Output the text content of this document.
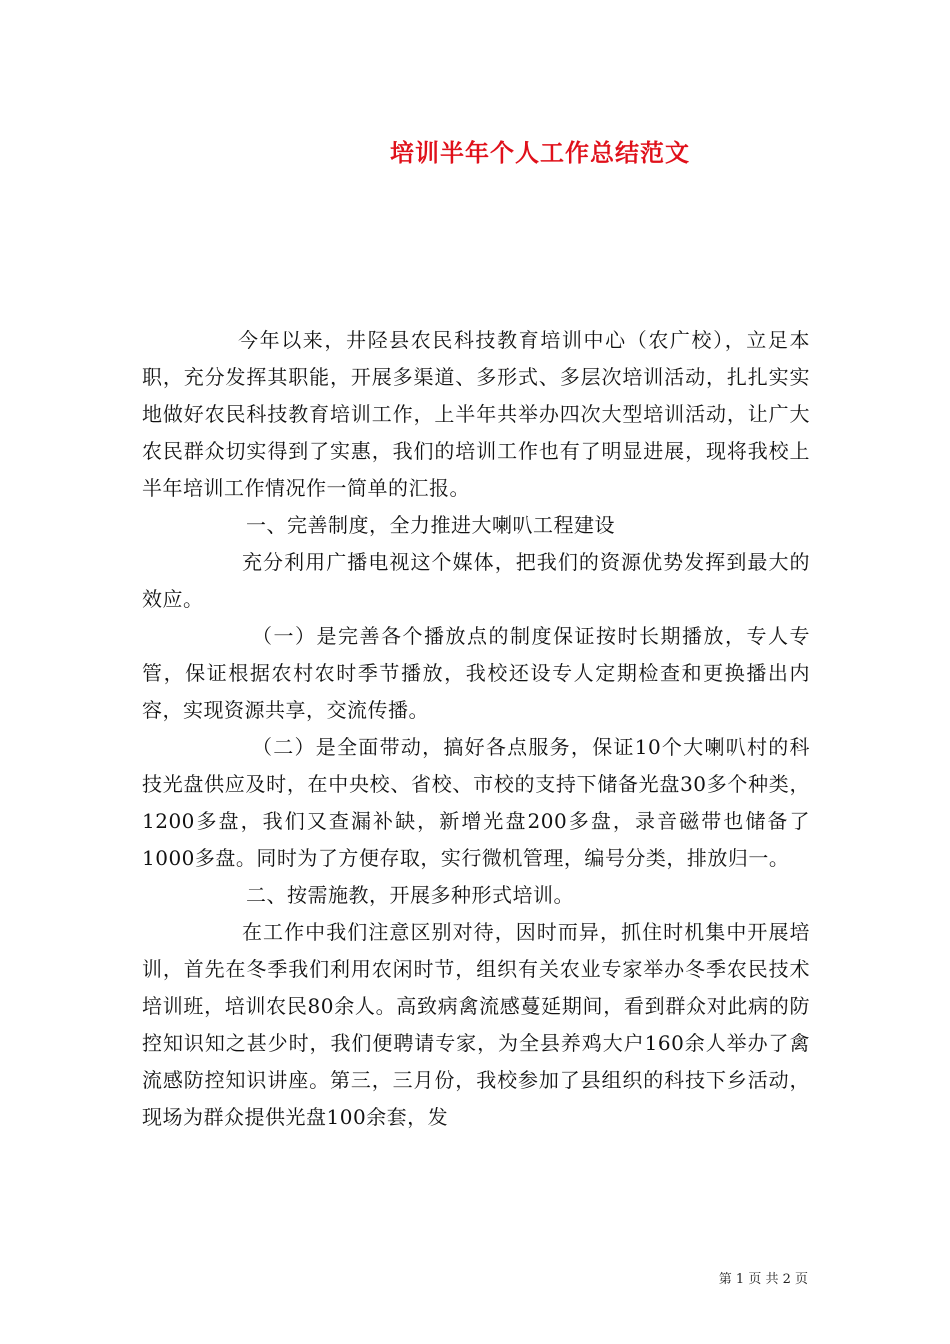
培训半年个人工作总结范文

今年以来，井陉县农民科技教育培训中心（农广校），立足本职，充分发挥其职能，开展多渠道、多形式、多层次培训活动，扎扎实实地做好农民科技教育培训工作，上半年共举办四次大型培训活动，让广大农民群众切实得到了实惠，我们的培训工作也有了明显进展，现将我校上半年培训工作情况作一简单的汇报。

一、完善制度，全力推进大喇叭工程建设

充分利用广播电视这个媒体，把我们的资源优势发挥到最大的效应。

（一）是完善各个播放点的制度保证按时长期播放，专人专管，保证根据农村农时季节播放，我校还设专人定期检查和更换播出内容，实现资源共享，交流传播。

（二）是全面带动，搞好各点服务，保证10个大喇叭村的科技光盘供应及时，在中央校、省校、市校的支持下储备光盘30多个种类，1200多盘，我们又查漏补缺，新增光盘200多盘，录音磁带也储备了1000多盘。同时为了方便存取，实行微机管理，编号分类，排放归一。

二、按需施教，开展多种形式培训。

在工作中我们注意区别对待，因时而异，抓住时机集中开展培训，首先在冬季我们利用农闲时节，组织有关农业专家举办冬季农民技术培训班，培训农民80余人。高致病禽流感蔓延期间，看到群众对此病的防控知识知之甚少时，我们便聘请专家，为全县养鸡大户160余人举办了禽流感防控知识讲座。第三，三月份，我校参加了县组织的科技下乡活动，现场为群众提供光盘100余套，发

第 1 页 共 2 页
